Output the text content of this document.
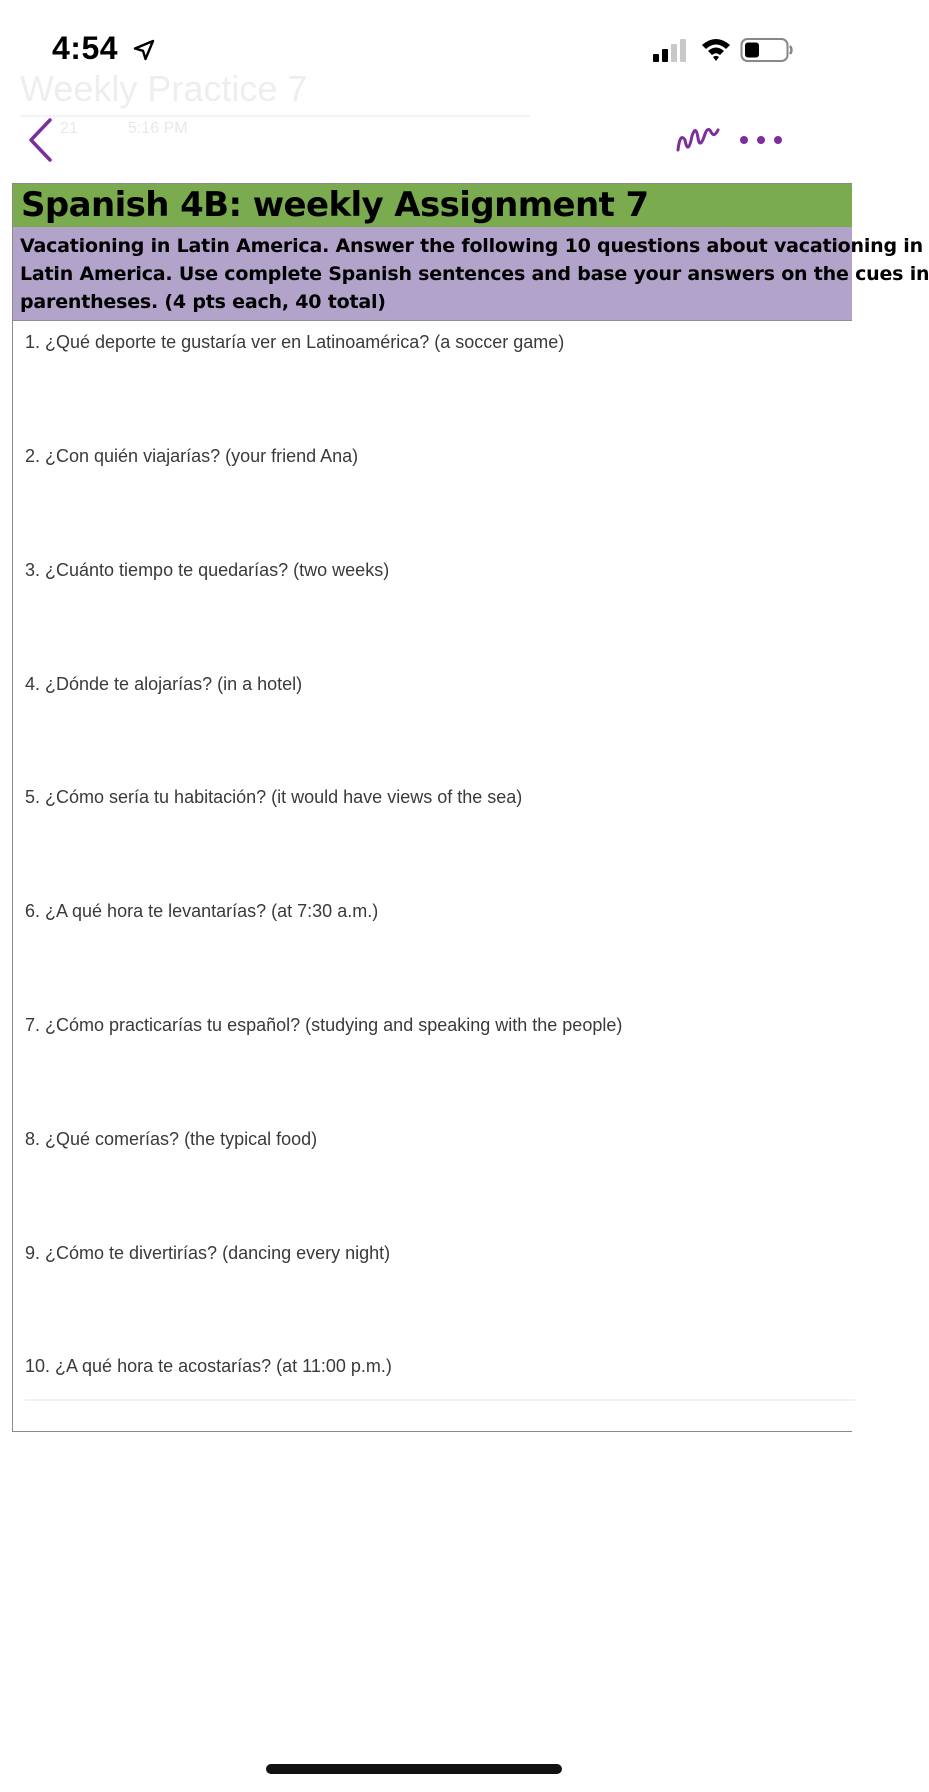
4:54
Weekly Practice 7
21	5:16 PM
Spanish 4B: weekly Assignment 7
Vacationing in Latin America. Answer the following 10 questions about vacationing in
Latin America. Use complete Spanish sentences and base your answers on the cues in
parentheses. (4 pts each, 40 total)
1. ¿Qué deporte te gustaría ver en Latinoamérica? (a soccer game)
2. ¿Con quién viajarías? (your friend Ana)
3. ¿Cuánto tiempo te quedarías? (two weeks)
4. ¿Dónde te alojarías? (in a hotel)
5. ¿Cómo sería tu habitación? (it would have views of the sea)
6. ¿A qué hora te levantarías? (at 7:30 a.m.)
7. ¿Cómo practicarías tu español? (studying and speaking with the people)
8. ¿Qué comerías? (the typical food)
9. ¿Cómo te divertirías? (dancing every night)
10. ¿A qué hora te acostarías? (at 11:00 p.m.)
